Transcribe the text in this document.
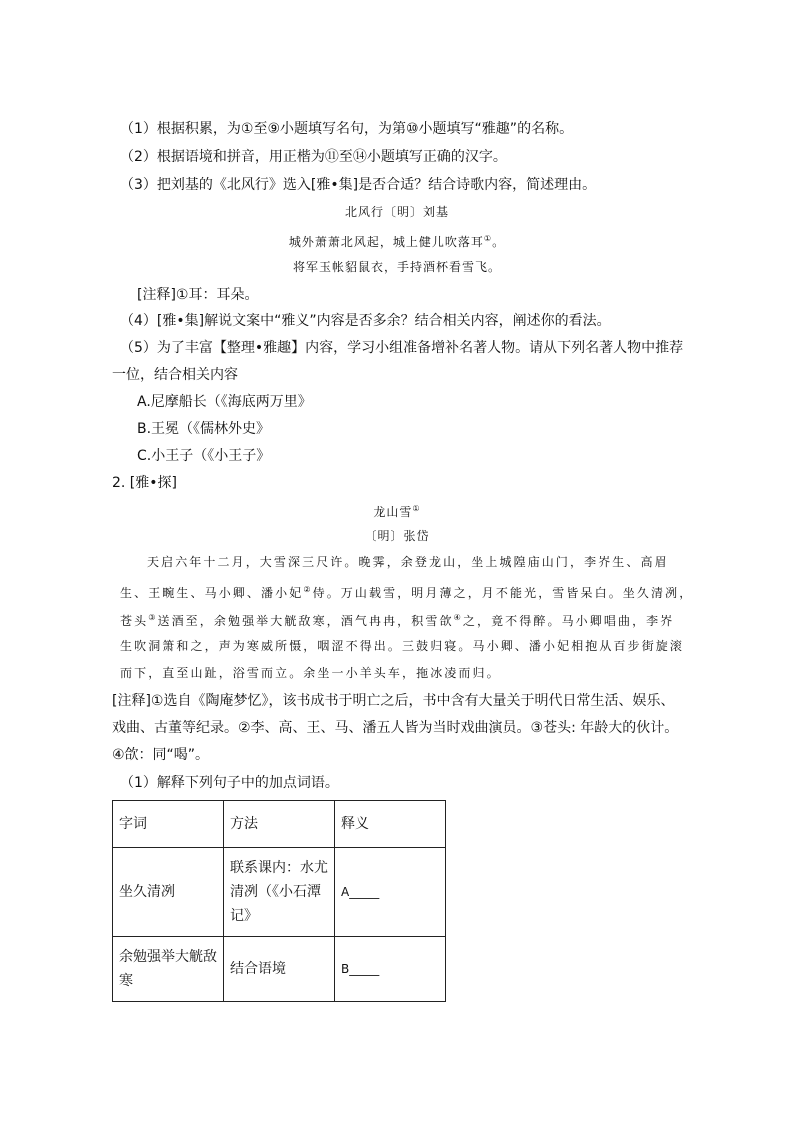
（1）根据积累，为①至⑨小题填写名句，为第⑩小题填写“雅趣”的名称。
（2）根据语境和拼音，用正楷为⑪至⑭小题填写正确的汉字。
（3）把刘基的《北风行》选入[雅•集]是否合适？结合诗歌内容，简述理由。
北风行〔明〕刘基
城外萧萧北风起，城上健儿吹落耳①。
将军玉帐貂鼠衣，手持酒杯看雪飞。
[注释]①耳：耳朵。
（4）[雅•集]解说文案中“雅义”内容是否多余？结合相关内容，阐述你的看法。
（5）为了丰富【整理•雅趣】内容，学习小组准备增补名著人物。请从下列名著人物中推荐
一位，结合相关内容
A.尼摩船长（《海底两万里》
B.王冕（《儒林外史》
C.小王子（《小王子》
2. [雅•探]
龙山雪①
〔明〕张岱
天启六年十二月，大雪深三尺许。晚霁，余登龙山，坐上城隍庙山门，李岕生、高眉
生、王畹生、马小卿、潘小妃②侍。万山载雪，明月薄之，月不能光，雪皆呆白。坐久清冽，
苍头③送酒至，余勉强举大觥敌寒，酒气冉冉，积雪欱④之，竟不得醉。马小卿唱曲，李岕
生吹洞箫和之，声为寒威所慑，咽涩不得出。三鼓归寝。马小卿、潘小妃相抱从百步街旋滚
而下，直至山趾，浴雪而立。余坐一小羊头车，拖冰凌而归。
[注释]①选自《陶庵梦忆》，该书成书于明亡之后，书中含有大量关于明代日常生活、娱乐、
戏曲、古董等纪录。②李、高、王、马、潘五人皆为当时戏曲演员。③苍头: 年龄大的伙计。
④欱：同“喝”。
（1）解释下列句子中的加点词语。
字词	方法	释义
坐久清冽	联系课内：水尤清冽（《小石潭记》	A_____
余勉强举大觥敌寒	结合语境	B_____
